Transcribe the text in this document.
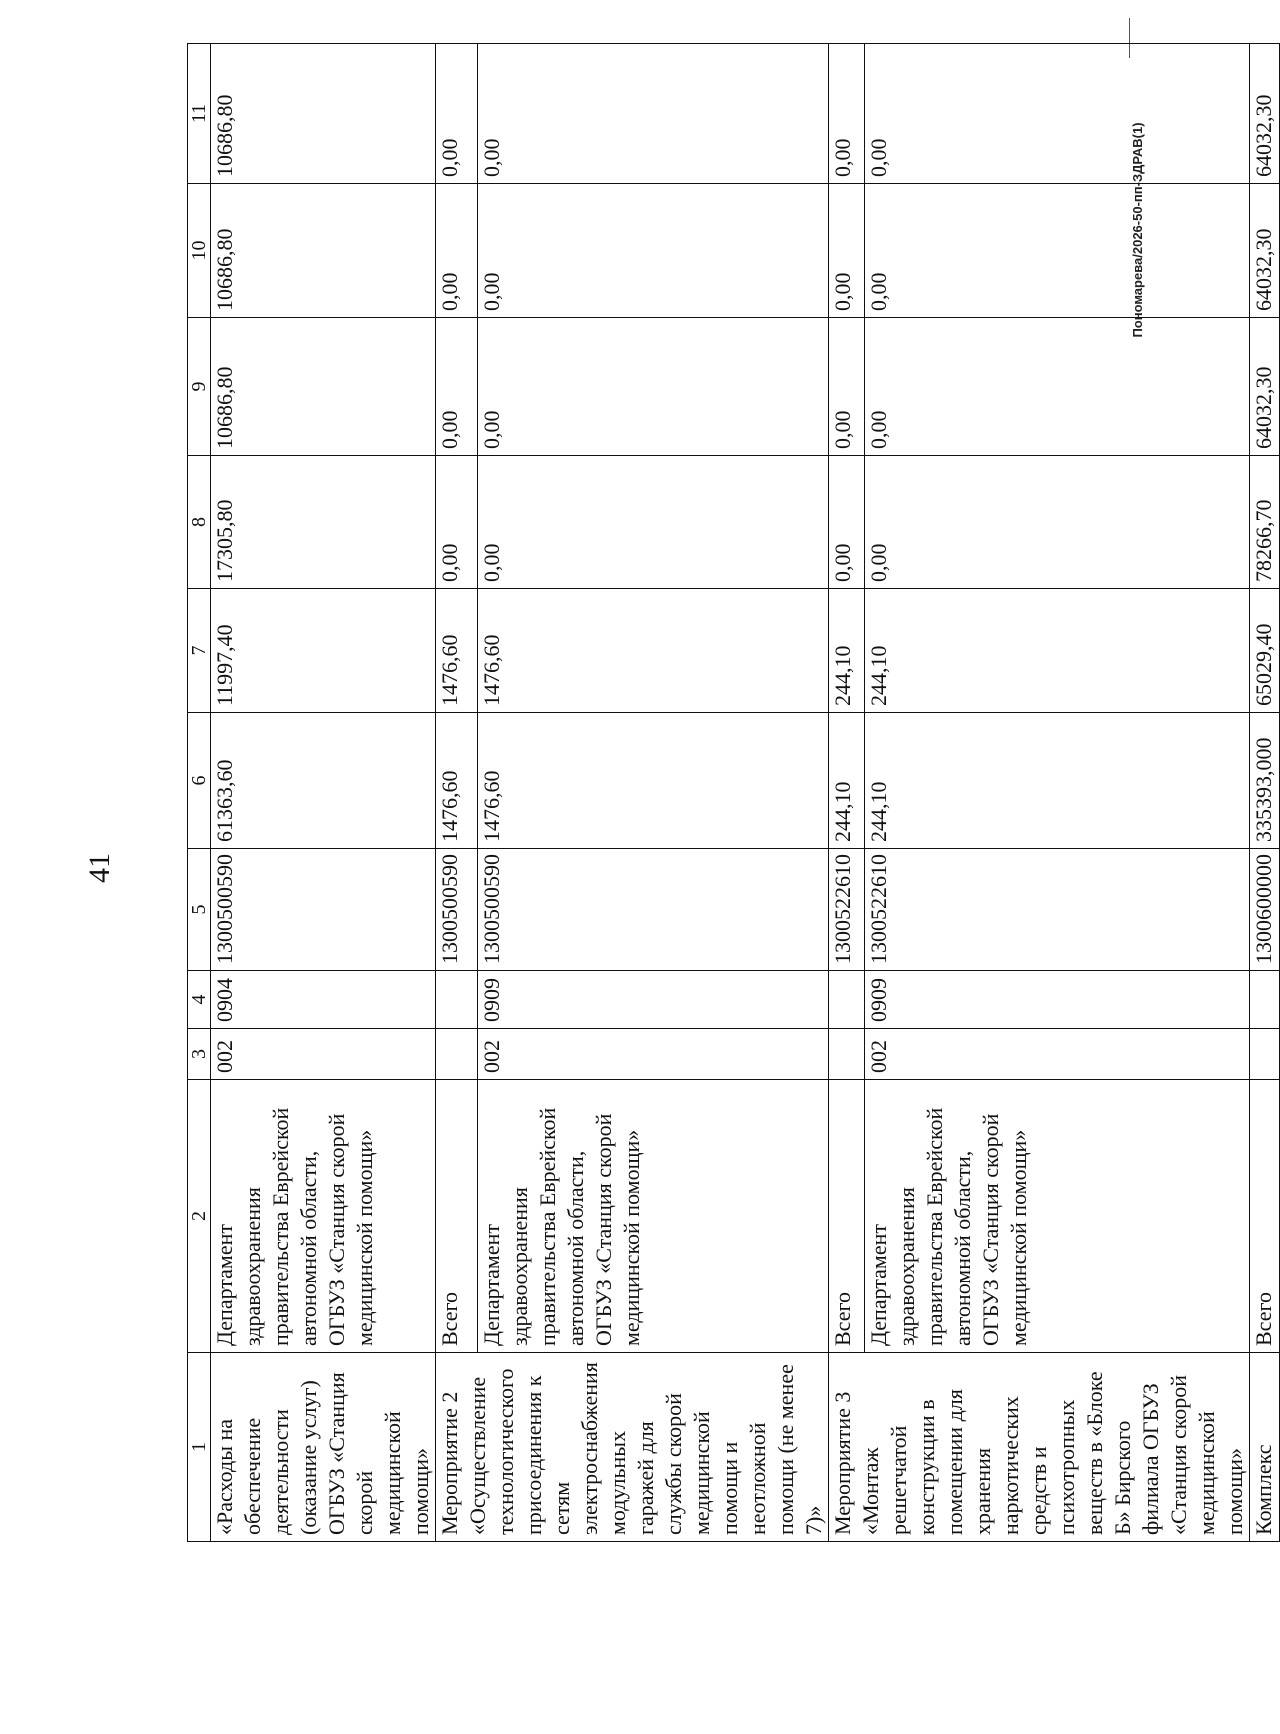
41
Пономарева/2026-50-пп-ЗДРАВ(1)
1	2	3	4	5	6	7	8	9	10	11
«Расходы на обеспечение деятельности (оказание услуг) ОГБУЗ «Станция скорой медицинской помощи»	Департамент здравоохранения правительства Еврейской автономной области, ОГБУЗ «Станция скорой медицинской помощи»	002	0904	1300500590	61363,60	11997,40	17305,80	10686,80	10686,80	10686,80
Мероприятие 2 «Осуществление технологического присоединения к сетям электроснабжения модульных гаражей для службы скорой медицинской помощи и неотложной помощи (не менее 7)»	Всего			1300500590	1476,60	1476,60	0,00	0,00	0,00	0,00
	Департамент здравоохранения правительства Еврейской автономной области, ОГБУЗ «Станция скорой медицинской помощи»	002	0909	1300500590	1476,60	1476,60	0,00	0,00	0,00	0,00
Мероприятие 3 «Монтаж решетчатой конструкции в помещении для хранения наркотических средств и психотропных веществ в «Блоке Б» Бирского филиала ОГБУЗ «Станция скорой медицинской помощи»	Всего			1300522610	244,10	244,10	0,00	0,00	0,00	0,00
	Департамент здравоохранения правительства Еврейской автономной области, ОГБУЗ «Станция скорой медицинской помощи»	002	0909	1300522610	244,10	244,10	0,00	0,00	0,00	0,00
Комплекс	Всего			1300600000	335393,000	65029,40	78266,70	64032,30	64032,30	64032,30
